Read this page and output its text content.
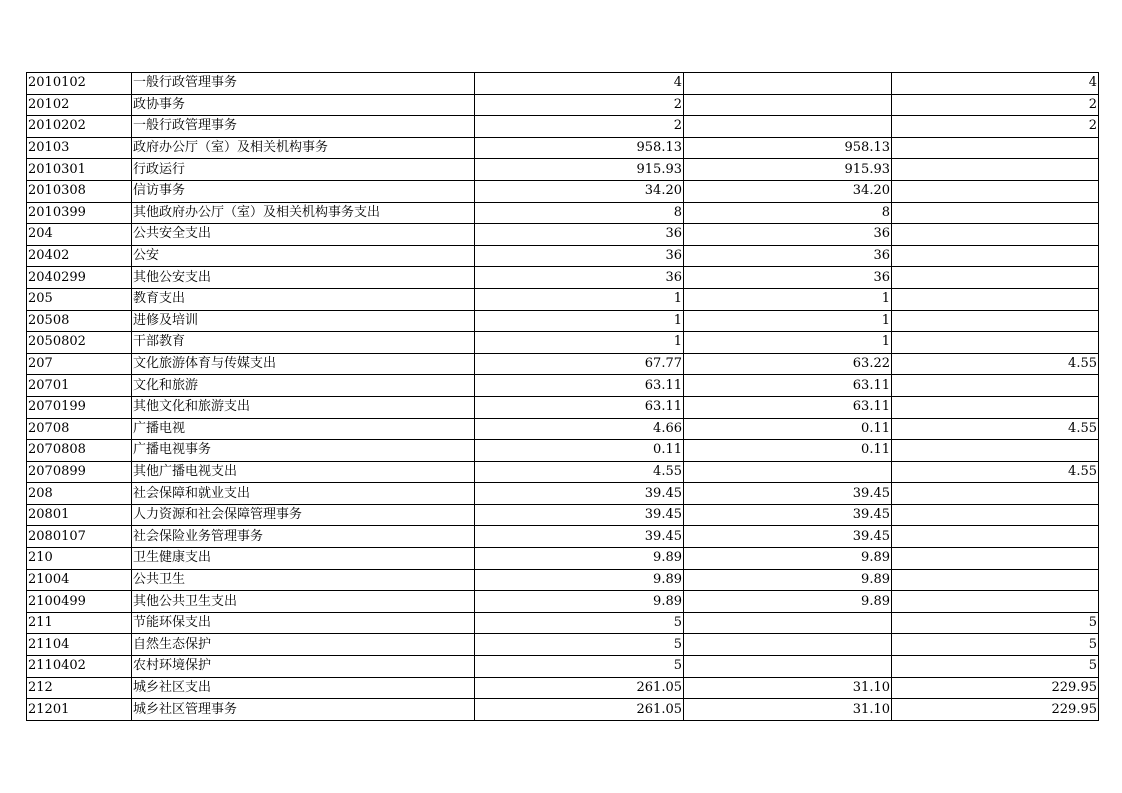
2010102	一般行政管理事务	4		4
20102	政协事务	2		2
2010202	一般行政管理事务	2		2
20103	政府办公厅（室）及相关机构事务	958.13	958.13	
2010301	行政运行	915.93	915.93	
2010308	信访事务	34.20	34.20	
2010399	其他政府办公厅（室）及相关机构事务支出	8	8	
204	公共安全支出	36	36	
20402	公安	36	36	
2040299	其他公安支出	36	36	
205	教育支出	1	1	
20508	进修及培训	1	1	
2050802	干部教育	1	1	
207	文化旅游体育与传媒支出	67.77	63.22	4.55
20701	文化和旅游	63.11	63.11	
2070199	其他文化和旅游支出	63.11	63.11	
20708	广播电视	4.66	0.11	4.55
2070808	广播电视事务	0.11	0.11	
2070899	其他广播电视支出	4.55		4.55
208	社会保障和就业支出	39.45	39.45	
20801	人力资源和社会保障管理事务	39.45	39.45	
2080107	社会保险业务管理事务	39.45	39.45	
210	卫生健康支出	9.89	9.89	
21004	公共卫生	9.89	9.89	
2100499	其他公共卫生支出	9.89	9.89	
211	节能环保支出	5		5
21104	自然生态保护	5		5
2110402	农村环境保护	5		5
212	城乡社区支出	261.05	31.10	229.95
21201	城乡社区管理事务	261.05	31.10	229.95
